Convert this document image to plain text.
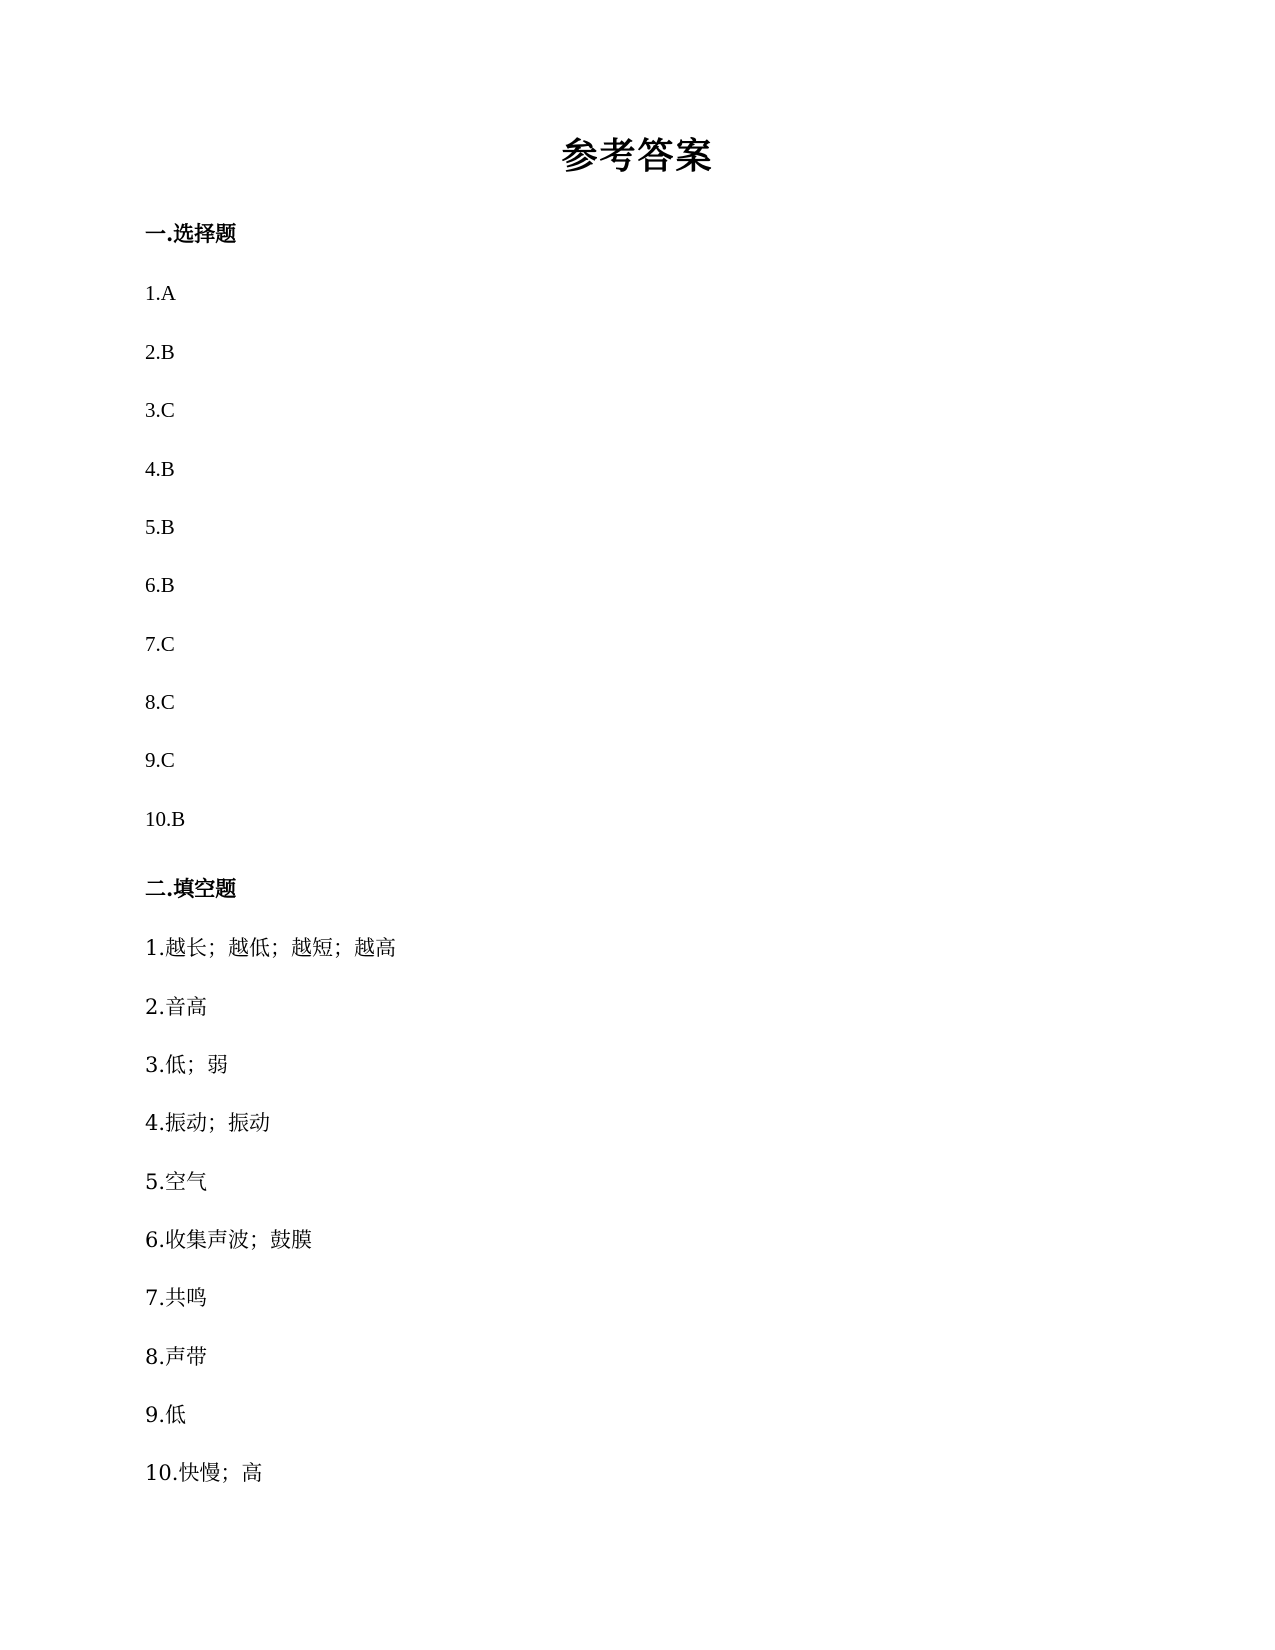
参考答案
一.选择题
1.A
2.B
3.C
4.B
5.B
6.B
7.C
8.C
9.C
10.B
二.填空题
1.越长；越低；越短；越高
2.音高
3.低；弱
4.振动；振动
5.空气
6.收集声波；鼓膜
7.共鸣
8.声带
9.低
10.快慢；高
